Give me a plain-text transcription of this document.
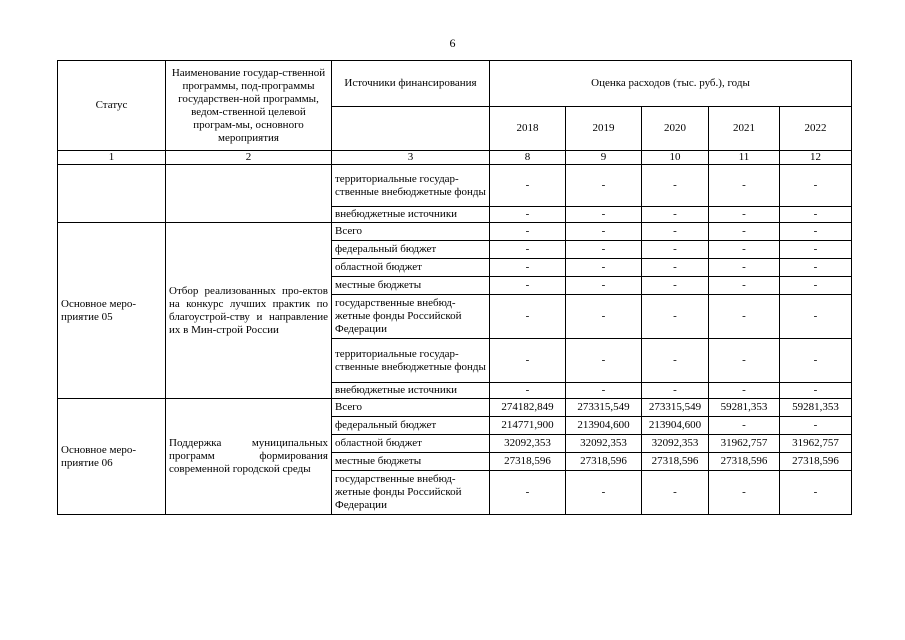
6
Статус	Наименование государ-ственной программы, под-программы государствен-ной программы, ведом-ственной целевой програм-мы, основного мероприятия	Источники финансирования	Оценка расходов (тыс. руб.), годы				
			2018	2019	2020	2021	2022
1	2	3	8	9	10	11	12
		территориальные государ-ственные внебюджетные фонды	-	-	-	-	-
		внебюджетные источники	-	-	-	-	-
Основное меро-приятие 05	Отбор реализованных про-ектов на конкурс лучших практик по благоустрой-ству и направление их в Мин-строй России	Всего	-	-	-	-	-
		федеральный бюджет	-	-	-	-	-
		областной бюджет	-	-	-	-	-
		местные бюджеты	-	-	-	-	-
		государственные внебюд-жетные фонды Российской Федерации	-	-	-	-	-
		территориальные государ-ственные внебюджетные фонды	-	-	-	-	-
		внебюджетные источники	-	-	-	-	-
Основное меро-приятие 06	Поддержка муниципальных программ формирования современной городской среды	Всего	274182,849	273315,549	273315,549	59281,353	59281,353
		федеральный бюджет	214771,900	213904,600	213904,600	-	-
		областной бюджет	32092,353	32092,353	32092,353	31962,757	31962,757
		местные бюджеты	27318,596	27318,596	27318,596	27318,596	27318,596
		государственные внебюд-жетные фонды Российской Федерации	-	-	-	-	-
